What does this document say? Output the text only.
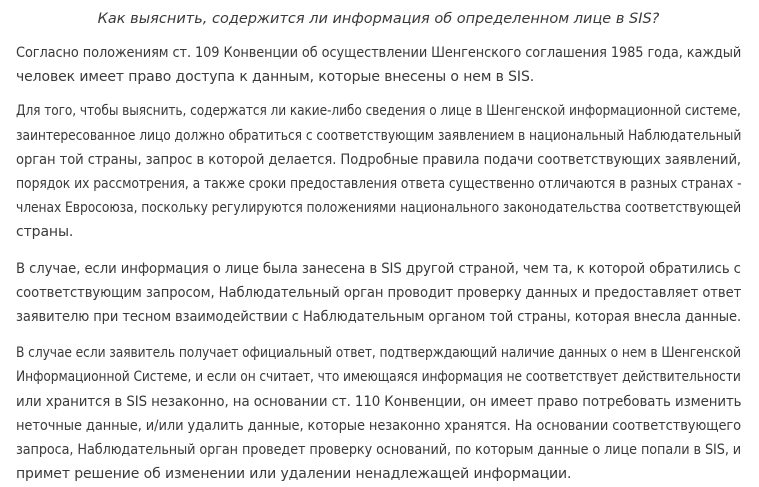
Как выяснить, содержится ли информация об определенном лице в SIS?

Согласно положениям ст. 109 Конвенции об осуществлении Шенгенского соглашения 1985 года, каждый
человек имеет право доступа к данным, которые внесены о нем в SIS.

Для того, чтобы выяснить, содержатся ли какие-либо сведения о лице в Шенгенской информационной системе,
заинтересованное лицо должно обратиться с соответствующим заявлением в национальный Наблюдательный
орган той страны, запрос в которой делается. Подробные правила подачи соответствующих заявлений,
порядок их рассмотрения, а также сроки предоставления ответа существенно отличаются в разных странах -
членах Евросоюза, поскольку регулируются положениями национального законодательства соответствующей
страны.

В случае, если информация о лице была занесена в SIS другой страной, чем та, к которой обратились с
соответствующим запросом, Наблюдательный орган проводит проверку данных и предоставляет ответ
заявителю при тесном взаимодействии с Наблюдательным органом той страны, которая внесла данные.

В случае если заявитель получает официальный ответ, подтверждающий наличие данных о нем в Шенгенской
Информационной Системе, и если он считает, что имеющаяся информация не соответствует действительности
или хранится в SIS незаконно, на основании ст. 110 Конвенции, он имеет право потребовать изменить
неточные данные, и/или удалить данные, которые незаконно хранятся. На основании соответствующего
запроса, Наблюдательный орган проведет проверку оснований, по которым данные о лице попали в SIS, и
примет решение об изменении или удалении ненадлежащей информации.
